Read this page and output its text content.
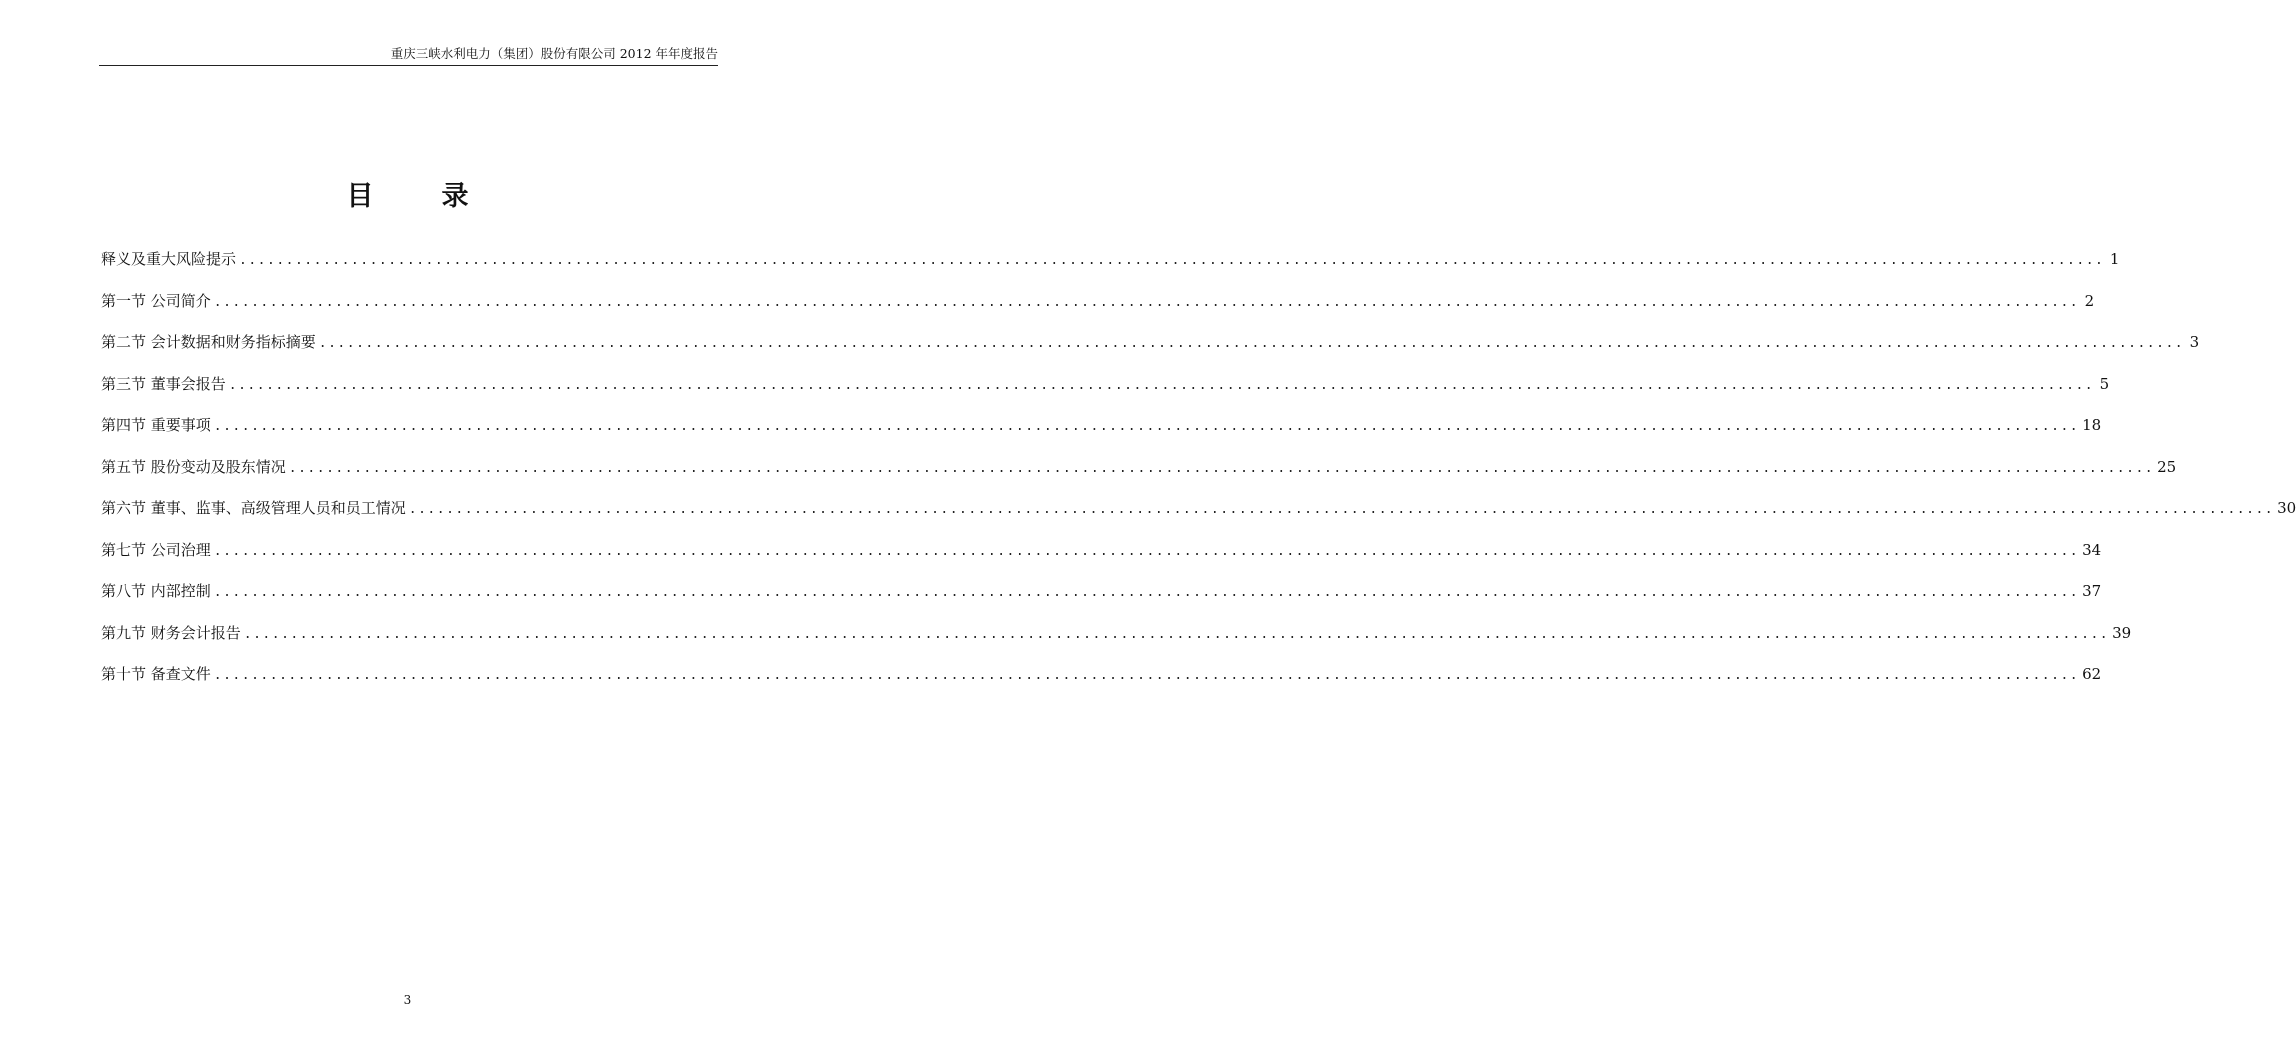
重庆三峡水利电力（集团）股份有限公司 2012 年年度报告
目录
释义及重大风险提示 ........................................................................................................................................................................................................ 1
第一节 公司简介 ........................................................................................................................................................................................................ 2
第二节 会计数据和财务指标摘要 ........................................................................................................................................................................................................ 3
第三节 董事会报告 ........................................................................................................................................................................................................ 5
第四节 重要事项 ........................................................................................................................................................................................................ 18
第五节 股份变动及股东情况 ........................................................................................................................................................................................................ 25
第六节 董事、监事、高级管理人员和员工情况 ........................................................................................................................................................................................................ 30
第七节 公司治理 ........................................................................................................................................................................................................ 34
第八节 内部控制 ........................................................................................................................................................................................................ 37
第九节 财务会计报告 ........................................................................................................................................................................................................ 39
第十节 备查文件 ........................................................................................................................................................................................................ 62
3
